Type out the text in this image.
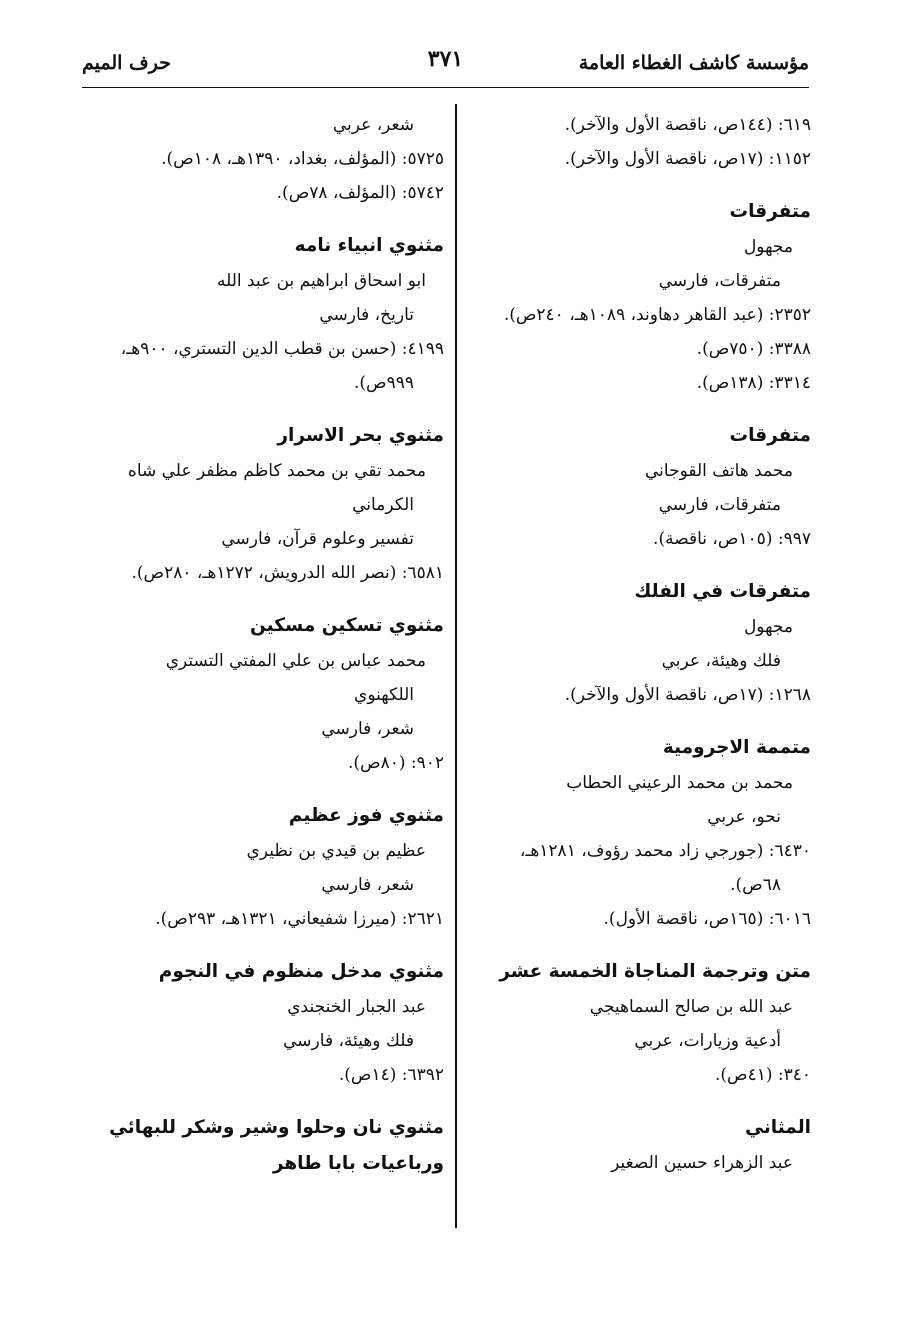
مؤسسة كاشف الغطاء العامة
٣٧١
حرف الميم
٦١٩: (١٤٤ص، ناقصة الأول والآخر).
١١٥٢: (١٧ص، ناقصة الأول والآخر).
متفرقات
مجهول
متفرقات، فارسي
٢٣٥٢: (عبد القاهر دهاوند، ١٠٨٩هـ، ٢٤٠ص).
٣٣٨٨: (٧٥٠ص).
٣٣١٤: (١٣٨ص).
متفرقات
محمد هاتف القوجاني
متفرقات، فارسي
٩٩٧: (١٠٥ص، ناقصة).
متفرقات في الفلك
مجهول
فلك وهيئة، عربي
١٢٦٨: (١٧ص، ناقصة الأول والآخر).
متممة الاجرومية
محمد بن محمد الرعيني الحطاب
نحو، عربي
٦٤٣٠: (جورجي زاد محمد رؤوف، ١٢٨١هـ،
٦٨ص).
٦٠١٦: (١٦٥ص، ناقصة الأول).
متن وترجمة المناجاة الخمسة عشر
عبد الله بن صالح السماهيجي
أدعية وزيارات، عربي
٣٤٠: (٤١ص).
المثاني
عبد الزهراء حسين الصغير
شعر، عربي
٥٧٢٥: (المؤلف، بغداد، ١٣٩٠هـ، ١٠٨ص).
٥٧٤٢: (المؤلف، ٧٨ص).
مثنوي انبياء نامه
ابو اسحاق ابراهيم بن عبد الله
تاريخ، فارسي
٤١٩٩: (حسن بن قطب الدين التستري، ٩٠٠هـ،
٩٩٩ص).
مثنوي بحر الاسرار
محمد تقي بن محمد كاظم مظفر علي شاه
الكرماني
تفسير وعلوم قرآن، فارسي
٦٥٨١: (نصر الله الدرويش، ١٢٧٢هـ، ٢٨٠ص).
مثنوي تسكين مسكين
محمد عباس بن علي المفتي التستري
اللكهنوي
شعر، فارسي
٩٠٢: (٨٠ص).
مثنوي فوز عظيم
عظيم بن قيدي بن نظيري
شعر، فارسي
٢٦٢١: (ميرزا شفيعاني، ١٣٢١هـ، ٢٩٣ص).
مثنوي مدخل منظوم في النجوم
عبد الجبار الخنجندي
فلك وهيئة، فارسي
٦٣٩٢: (١٤ص).
مثنوي نان وحلوا وشير وشكر للبهائي
ورباعيات بابا طاهر
